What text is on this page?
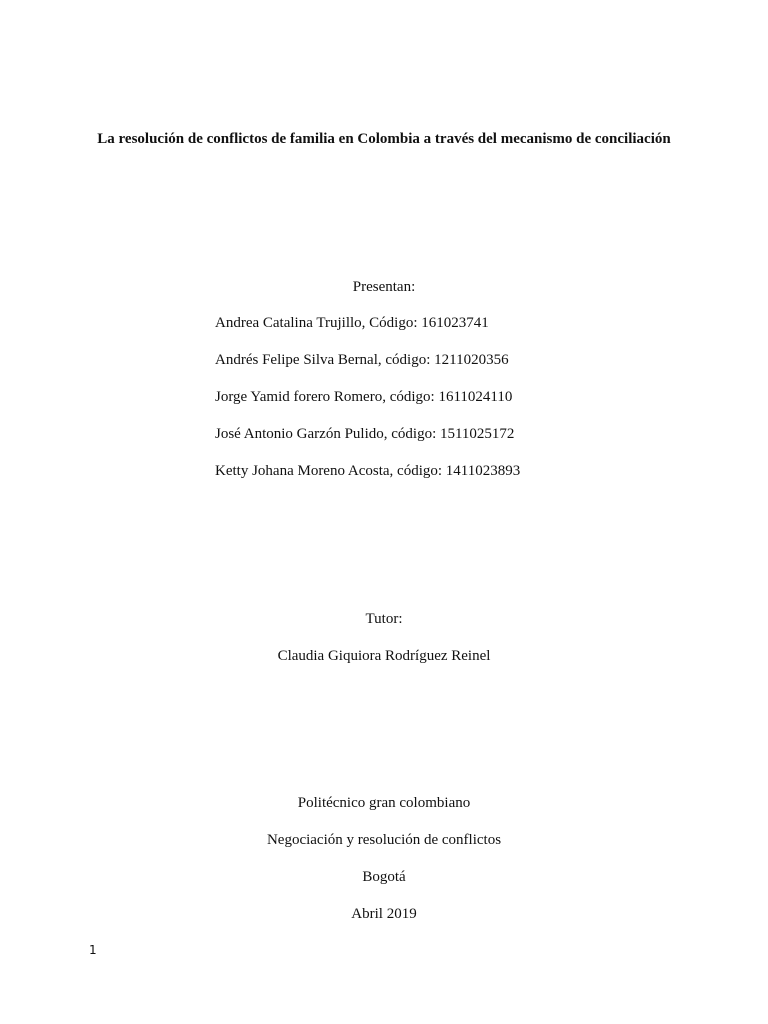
La resolución de conflictos de familia en Colombia a través del mecanismo de conciliación
Presentan:
Andrea Catalina Trujillo, Código: 161023741
Andrés Felipe Silva Bernal, código: 1211020356
Jorge Yamid forero Romero, código: 1611024110
José Antonio Garzón Pulido, código: 1511025172
Ketty Johana Moreno Acosta, código: 1411023893
Tutor:
Claudia Giquiora Rodríguez Reinel
Politécnico gran colombiano
Negociación y resolución de conflictos
Bogotá
Abril 2019
1
